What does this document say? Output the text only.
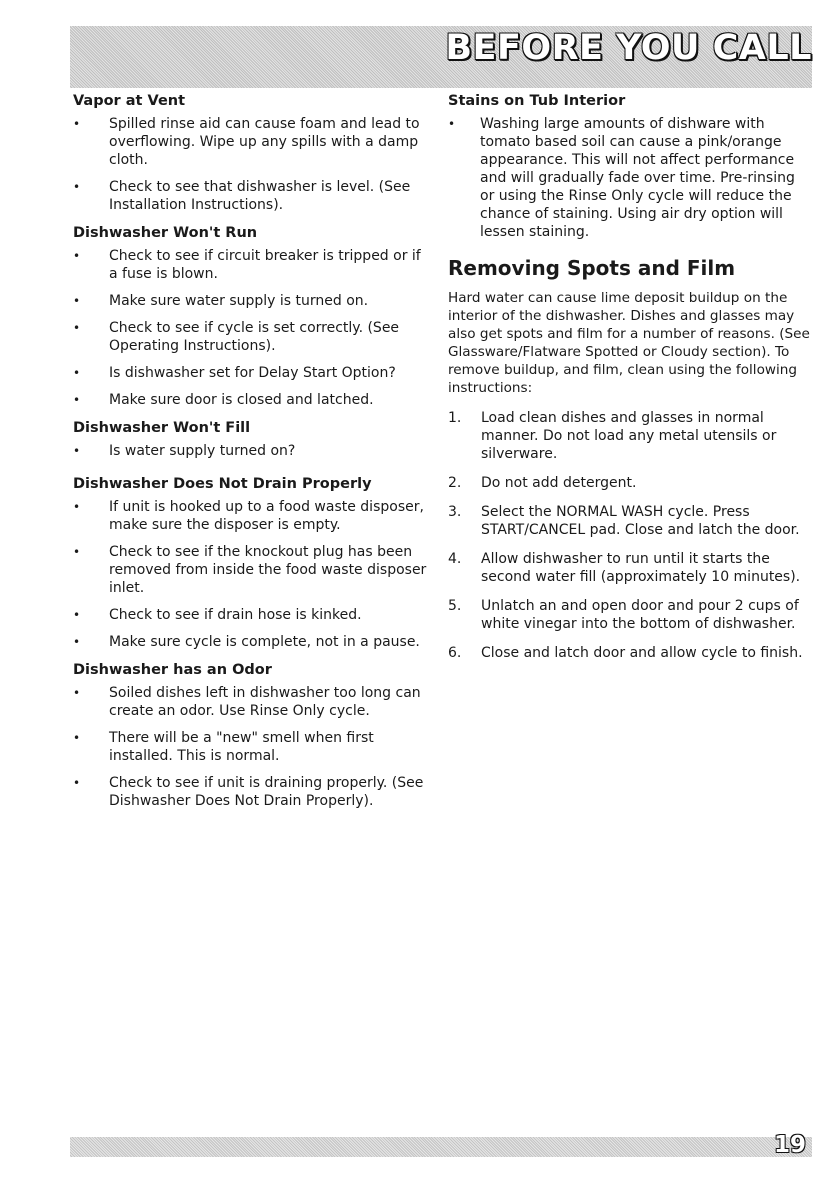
BEFORE YOU CALL
Vapor at Vent
• Spilled rinse aid can cause foam and lead to overflowing. Wipe up any spills with a damp cloth.
• Check to see that dishwasher is level. (See Installation Instructions).
Dishwasher Won't Run
• Check to see if circuit breaker is tripped or if a fuse is blown.
• Make sure water supply is turned on.
• Check to see if cycle is set correctly. (See Operating Instructions).
• Is dishwasher set for Delay Start Option?
• Make sure door is closed and latched.
Dishwasher Won't Fill
• Is water supply turned on?
Dishwasher Does Not Drain Properly
• If unit is hooked up to a food waste disposer, make sure the disposer is empty.
• Check to see if the knockout plug has been removed from inside the food waste disposer inlet.
• Check to see if drain hose is kinked.
• Make sure cycle is complete, not in a pause.
Dishwasher has an Odor
• Soiled dishes left in dishwasher too long can create an odor. Use Rinse Only cycle.
• There will be a "new" smell when first installed. This is normal.
• Check to see if unit is draining properly. (See Dishwasher Does Not Drain Properly).
Stains on Tub Interior
• Washing large amounts of dishware with tomato based soil can cause a pink/orange appearance. This will not affect performance and will gradually fade over time. Pre-rinsing or using the Rinse Only cycle will reduce the chance of staining. Using air dry option will lessen staining.
Removing Spots and Film

Hard water can cause lime deposit buildup on the interior of the dishwasher. Dishes and glasses may also get spots and film for a number of reasons. (See Glassware/Flatware Spotted or Cloudy section). To remove buildup, and film, clean using the following instructions:

1. Load clean dishes and glasses in normal manner. Do not load any metal utensils or silverware.
2. Do not add detergent.
3. Select the NORMAL WASH cycle. Press START/CANCEL pad. Close and latch the door.
4. Allow dishwasher to run until it starts the second water fill (approximately 10 minutes).
5. Unlatch an and open door and pour 2 cups of white vinegar into the bottom of dishwasher.
6. Close and latch door and allow cycle to finish.
19
